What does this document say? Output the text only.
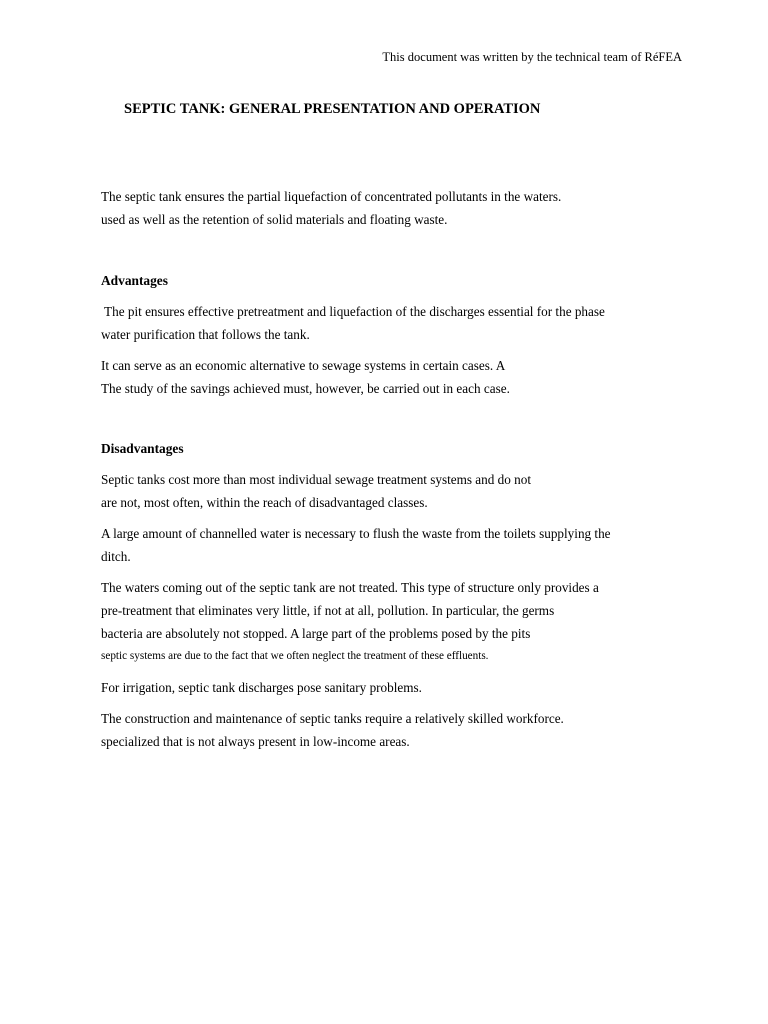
This document was written by the technical team of RéFEA
SEPTIC TANK: GENERAL PRESENTATION AND OPERATION
The septic tank ensures the partial liquefaction of concentrated pollutants in the waters.
used as well as the retention of solid materials and floating waste.
Advantages
The pit ensures effective pretreatment and liquefaction of the discharges essential for the phase
water purification that follows the tank.
It can serve as an economic alternative to sewage systems in certain cases. A
The study of the savings achieved must, however, be carried out in each case.
Disadvantages
Septic tanks cost more than most individual sewage treatment systems and do not
are not, most often, within the reach of disadvantaged classes.
A large amount of channelled water is necessary to flush the waste from the toilets supplying the
ditch.
The waters coming out of the septic tank are not treated. This type of structure only provides a
pre-treatment that eliminates very little, if not at all, pollution. In particular, the germs
bacteria are absolutely not stopped. A large part of the problems posed by the pits
septic systems are due to the fact that we often neglect the treatment of these effluents.
For irrigation, septic tank discharges pose sanitary problems.
The construction and maintenance of septic tanks require a relatively skilled workforce.
specialized that is not always present in low-income areas.
